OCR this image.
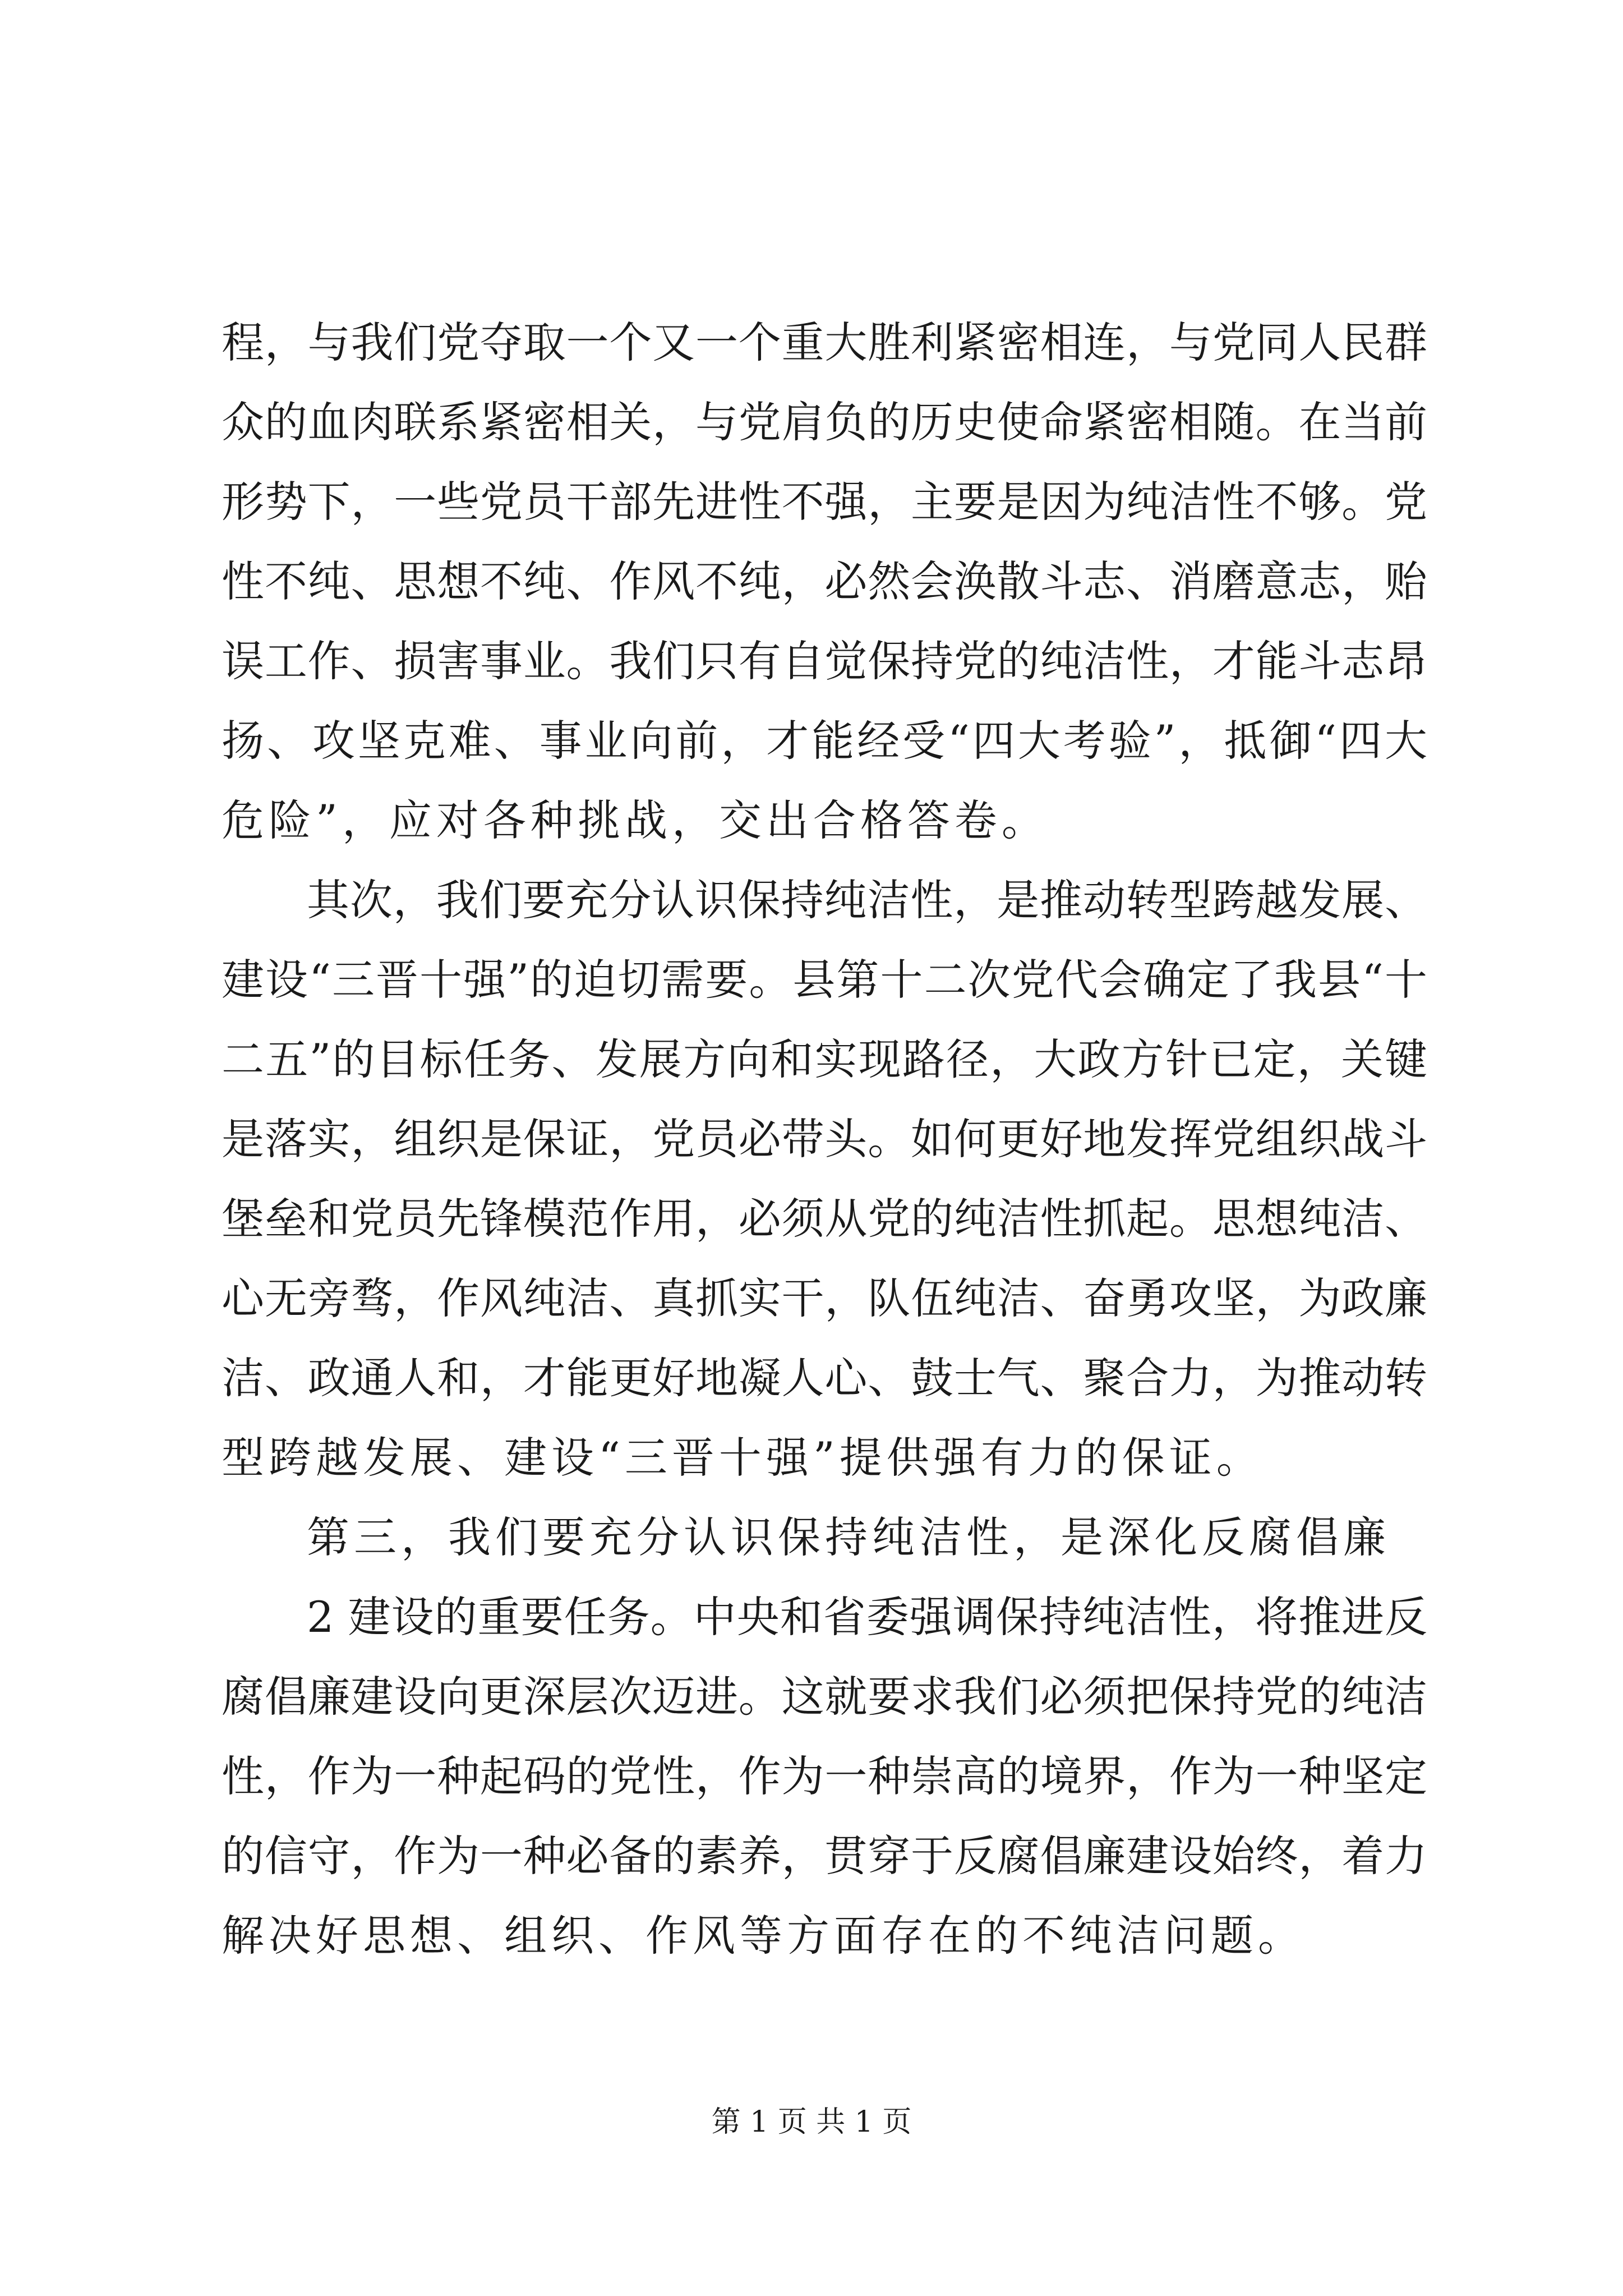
程，与我们党夺取一个又一个重大胜利紧密相连，与党同人民群
众的血肉联系紧密相关，与党肩负的历史使命紧密相随。在当前
形势下，一些党员干部先进性不强，主要是因为纯洁性不够。党
性不纯、思想不纯、作风不纯，必然会涣散斗志、消磨意志，贻
误工作、损害事业。我们只有自觉保持党的纯洁性，才能斗志昂
扬、攻坚克难、事业向前，才能经受“四大考验”，抵御“四大
危险”，应对各种挑战，交出合格答卷。
其次，我们要充分认识保持纯洁性，是推动转型跨越发展、
建设“三晋十强”的迫切需要。县第十二次党代会确定了我县“十
二五”的目标任务、发展方向和实现路径，大政方针已定，关键
是落实，组织是保证，党员必带头。如何更好地发挥党组织战斗
堡垒和党员先锋模范作用，必须从党的纯洁性抓起。思想纯洁、
心无旁骛，作风纯洁、真抓实干，队伍纯洁、奋勇攻坚，为政廉
洁、政通人和，才能更好地凝人心、鼓士气、聚合力，为推动转
型跨越发展、建设“三晋十强”提供强有力的保证。
第三，我们要充分认识保持纯洁性，是深化反腐倡廉
2 建设的重要任务。中央和省委强调保持纯洁性，将推进反
腐倡廉建设向更深层次迈进。这就要求我们必须把保持党的纯洁
性，作为一种起码的党性，作为一种崇高的境界，作为一种坚定
的信守，作为一种必备的素养，贯穿于反腐倡廉建设始终，着力
解决好思想、组织、作风等方面存在的不纯洁问题。
第 1 页 共 1 页
